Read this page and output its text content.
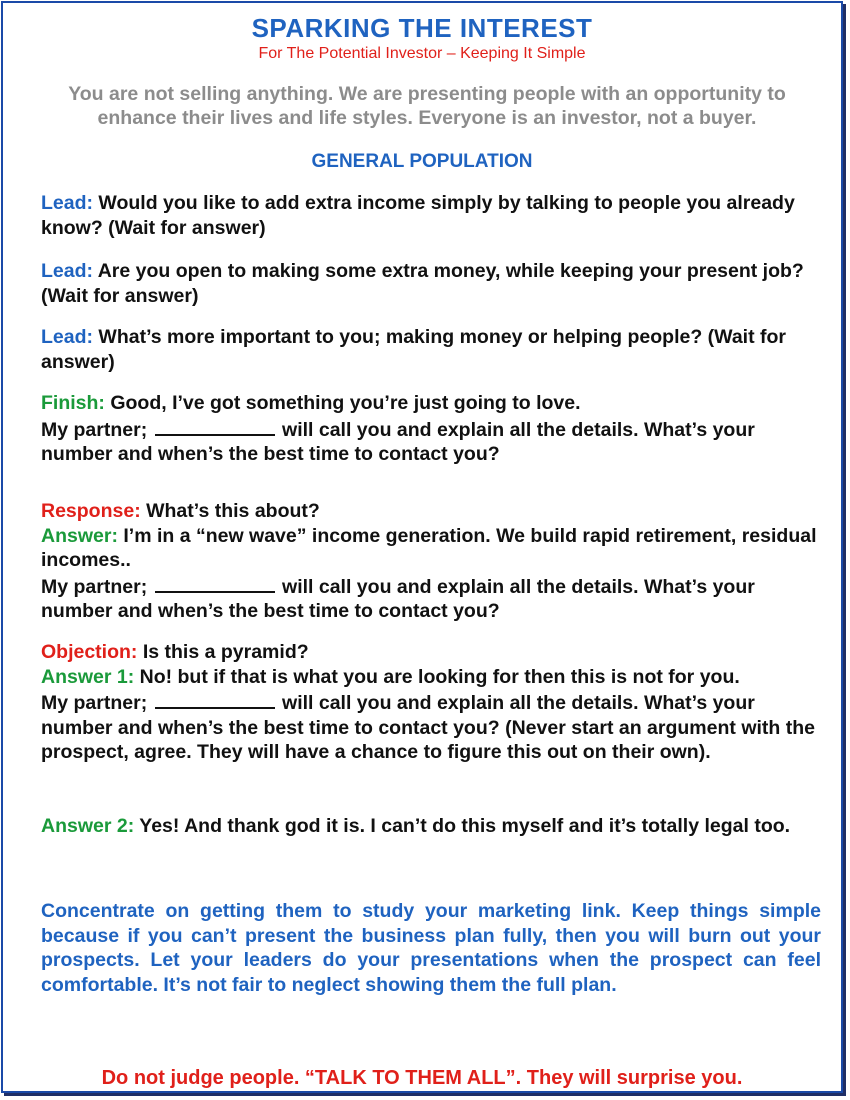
SPARKING THE INTEREST
For The Potential Investor – Keeping It Simple
You are not selling anything. We are presenting people with an opportunity to enhance their lives and life styles. Everyone is an investor, not a buyer.
GENERAL POPULATION
Lead: Would you like to add extra income simply by talking to people you already know? (Wait for answer)
Lead: Are you open to making some extra money, while keeping your present job? (Wait for answer)
Lead: What’s more important to you; making money or helping people? (Wait for answer)
Finish: Good, I’ve got something you’re just going to love.
My partner;	will call you and explain all the details. What’s your number and when’s the best time to contact you?
Response: What’s this about?
Answer: I’m in a “new wave” income generation. We build rapid retirement, residual incomes..
My partner;	will call you and explain all the details. What’s your number and when’s the best time to contact you?
Objection: Is this a pyramid?
Answer 1: No! but if that is what you are looking for then this is not for you.
My partner;	will call you and explain all the details. What’s your number and when’s the best time to contact you? (Never start an argument with the prospect, agree. They will have a chance to figure this out on their own).
Answer 2: Yes! And thank god it is. I can’t do this myself and it’s totally legal too.
Concentrate on getting them to study your marketing link. Keep things simple because if you can’t present the business plan fully, then you will burn out your prospects. Let your leaders do your presentations when the prospect can feel comfortable. It’s not fair to neglect showing them the full plan.
Do not judge people. “TALK TO THEM ALL”. They will surprise you.
